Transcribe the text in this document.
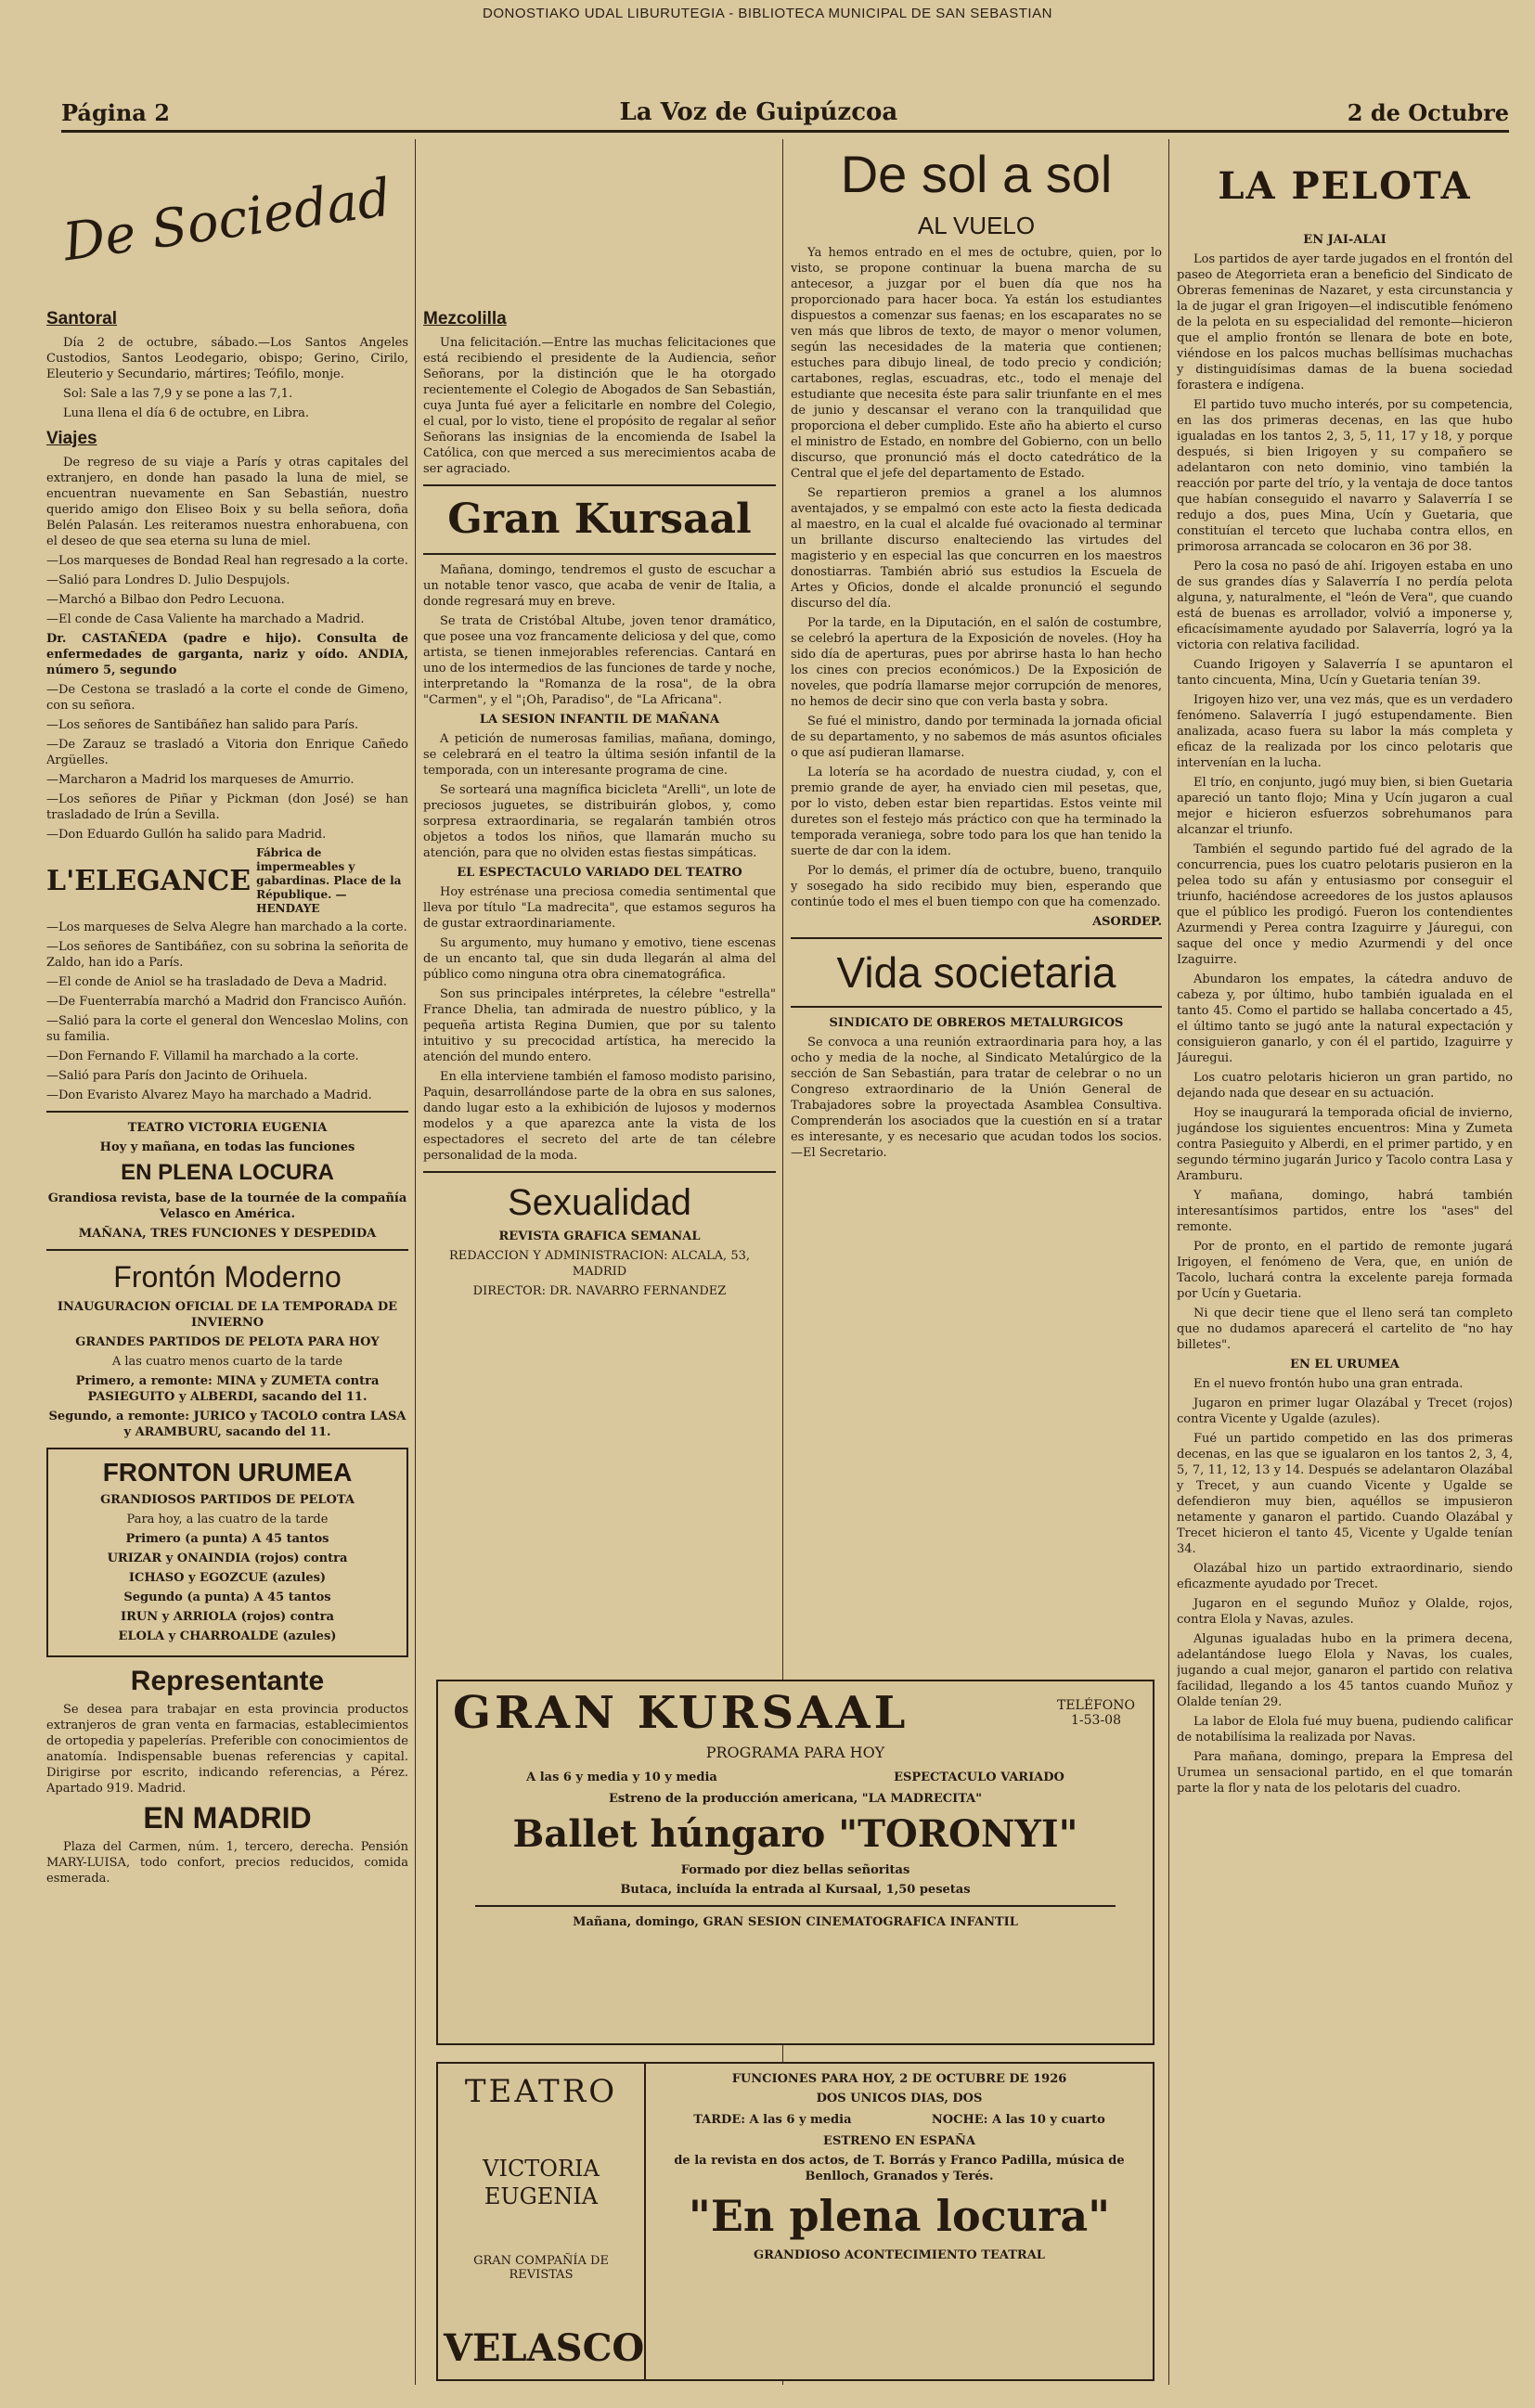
DONOSTIAKO UDAL LIBURUTEGIA - BIBLIOTECA MUNICIPAL DE SAN SEBASTIAN
Página 2	La Voz de Guipúzcoa	2 de Octubre
De Sociedad
Santoral

Día 2 de octubre, sábado.—Los Santos Angeles Custodios, Santos Leodegario, obispo; Gerino, Cirilo, Eleuterio y Secundario, mártires; Teófilo, monje.

Sol: Sale a las 7,9 y se pone a las 7,1.

Luna llena el día 6 de octubre, en Libra.

Viajes

De regreso de su viaje a París y otras capitales del extranjero, en donde han pasado la luna de miel, se encuentran nuevamente en San Sebastián, nuestro querido amigo don Eliseo Boix y su bella señora, doña Belén Palasán. Les reiteramos nuestra enhorabuena, con el deseo de que sea eterna su luna de miel.

—Los marqueses de Bondad Real han regresado a la corte.

—Salió para Londres D. Julio Despujols.

—Marchó a Bilbao don Pedro Lecuona.

—El conde de Casa Valiente ha marchado a Madrid.

Dr. CASTAÑEDA (padre e hijo). Consulta de enfermedades de garganta, nariz y oído. ANDIA, número 5, segundo

—De Cestona se trasladó a la corte el conde de Gimeno, con su señora.

—Los señores de Santibáñez han salido para París.

—De Zarauz se trasladó a Vitoria don Enrique Cañedo Argüelles.

—Marcharon a Madrid los marqueses de Amurrio.

—Los señores de Piñar y Pickman (don José) se han trasladado de Irún a Sevilla.

—Don Eduardo Gullón ha salido para Madrid.

L'ELEGANCE
Fábrica de impermeables y gabardinas. Place de la République. — HENDAYE

—Los marqueses de Selva Alegre han marchado a la corte.

—Los señores de Santibáñez, con su sobrina la señorita de Zaldo, han ido a París.

—El conde de Aniol se ha trasladado de Deva a Madrid.

—De Fuenterrabía marchó a Madrid don Francisco Auñón.

—Salió para la corte el general don Wenceslao Molins, con su familia.

—Don Fernando F. Villamil ha marchado a la corte.

—Salió para París don Jacinto de Orihuela.

—Don Evaristo Alvarez Mayo ha marchado a Madrid.

TEATRO VICTORIA EUGENIA

Hoy y mañana, en todas las funciones

EN PLENA LOCURA

Grandiosa revista, base de la tournée de la compañía Velasco en América.

MAÑANA, TRES FUNCIONES Y DESPEDIDA

Frontón Moderno

INAUGURACION OFICIAL DE LA TEMPORADA DE INVIERNO

GRANDES PARTIDOS DE PELOTA PARA HOY

A las cuatro menos cuarto de la tarde

Primero, a remonte: MINA y ZUMETA contra PASIEGUITO y ALBERDI, sacando del 11.

Segundo, a remonte: JURICO y TACOLO contra LASA y ARAMBURU, sacando del 11.

FRONTON URUMEA

GRANDIOSOS PARTIDOS DE PELOTA

Para hoy, a las cuatro de la tarde

Primero (a punta) A 45 tantos

URIZAR y ONAINDIA (rojos) contra

ICHASO y EGOZCUE (azules)

Segundo (a punta) A 45 tantos

IRUN y ARRIOLA (rojos) contra

ELOLA y CHARROALDE (azules)

Representante

Se desea para trabajar en esta provincia productos extranjeros de gran venta en farmacias, establecimientos de ortopedia y papelerías. Preferible con conocimientos de anatomía. Indispensable buenas referencias y capital. Dirigirse por escrito, indicando referencias, a Pérez. Apartado 919. Madrid.

EN MADRID

Plaza del Carmen, núm. 1, tercero, derecha. Pensión MARY-LUISA, todo confort, precios reducidos, comida esmerada.

Mezcolilla

Una felicitación.—Entre las muchas felicitaciones que está recibiendo el presidente de la Audiencia, señor Señorans, por la distinción que le ha otorgado recientemente el Colegio de Abogados de San Sebastián, cuya Junta fué ayer a felicitarle en nombre del Colegio, el cual, por lo visto, tiene el propósito de regalar al señor Señorans las insignias de la encomienda de Isabel la Católica, con que merced a sus merecimientos acaba de ser agraciado.

Gran Kursaal

Mañana, domingo, tendremos el gusto de escuchar a un notable tenor vasco, que acaba de venir de Italia, a donde regresará muy en breve.

Se trata de Cristóbal Altube, joven tenor dramático, que posee una voz francamente deliciosa y del que, como artista, se tienen inmejorables referencias. Cantará en uno de los intermedios de las funciones de tarde y noche, interpretando la "Romanza de la rosa", de la obra "Carmen", y el "¡Oh, Paradiso", de "La Africana".

LA SESION INFANTIL DE MAÑANA

A petición de numerosas familias, mañana, domingo, se celebrará en el teatro la última sesión infantil de la temporada, con un interesante programa de cine.

Se sorteará una magnífica bicicleta "Arelli", un lote de preciosos juguetes, se distribuirán globos, y, como sorpresa extraordinaria, se regalarán también otros objetos a todos los niños, que llamarán mucho su atención, para que no olviden estas fiestas simpáticas.

EL ESPECTACULO VARIADO DEL TEATRO

Hoy estrénase una preciosa comedia sentimental que lleva por título "La madrecita", que estamos seguros ha de gustar extraordinariamente.

Su argumento, muy humano y emotivo, tiene escenas de un encanto tal, que sin duda llegarán al alma del público como ninguna otra obra cinematográfica.

Son sus principales intérpretes, la célebre "estrella" France Dhelia, tan admirada de nuestro público, y la pequeña artista Regina Dumien, que por su talento intuitivo y su precocidad artística, ha merecido la atención del mundo entero.

En ella interviene también el famoso modisto parisino, Paquin, desarrollándose parte de la obra en sus salones, dando lugar esto a la exhibición de lujosos y modernos modelos y a que aparezca ante la vista de los espectadores el secreto del arte de tan célebre personalidad de la moda.

Sexualidad

REVISTA GRAFICA SEMANAL

REDACCION Y ADMINISTRACION: ALCALA, 53, MADRID

DIRECTOR: DR. NAVARRO FERNANDEZ

De sol a sol

AL VUELO

Ya hemos entrado en el mes de octubre, quien, por lo visto, se propone continuar la buena marcha de su antecesor, a juzgar por el buen día que nos ha proporcionado para hacer boca. Ya están los estudiantes dispuestos a comenzar sus faenas; en los escaparates no se ven más que libros de texto, de mayor o menor volumen, según las necesidades de la materia que contienen; estuches para dibujo lineal, de todo precio y condición; cartabones, reglas, escuadras, etc., todo el menaje del estudiante que necesita éste para salir triunfante en el mes de junio y descansar el verano con la tranquilidad que proporciona el deber cumplido. Este año ha abierto el curso el ministro de Estado, en nombre del Gobierno, con un bello discurso, que pronunció más el docto catedrático de la Central que el jefe del departamento de Estado.

Se repartieron premios a granel a los alumnos aventajados, y se empalmó con este acto la fiesta dedicada al maestro, en la cual el alcalde fué ovacionado al terminar un brillante discurso enalteciendo las virtudes del magisterio y en especial las que concurren en los maestros donostiarras. También abrió sus estudios la Escuela de Artes y Oficios, donde el alcalde pronunció el segundo discurso del día.

Por la tarde, en la Diputación, en el salón de costumbre, se celebró la apertura de la Exposición de noveles. (Hoy ha sido día de aperturas, pues por abrirse hasta lo han hecho los cines con precios económicos.) De la Exposición de noveles, que podría llamarse mejor corrupción de menores, no hemos de decir sino que con verla basta y sobra.

Se fué el ministro, dando por terminada la jornada oficial de su departamento, y no sabemos de más asuntos oficiales o que así pudieran llamarse.

La lotería se ha acordado de nuestra ciudad, y, con el premio grande de ayer, ha enviado cien mil pesetas, que, por lo visto, deben estar bien repartidas. Estos veinte mil duretes son el festejo más práctico con que ha terminado la temporada veraniega, sobre todo para los que han tenido la suerte de dar con la idem.

Por lo demás, el primer día de octubre, bueno, tranquilo y sosegado ha sido recibido muy bien, esperando que continúe todo el mes el buen tiempo con que ha comenzado.

ASORDEP.

Vida societaria

SINDICATO DE OBREROS METALURGICOS

Se convoca a una reunión extraordinaria para hoy, a las ocho y media de la noche, al Sindicato Metalúrgico de la sección de San Sebastián, para tratar de celebrar o no un Congreso extraordinario de la Unión General de Trabajadores sobre la proyectada Asamblea Consultiva. Comprenderán los asociados que la cuestión en sí a tratar es interesante, y es necesario que acudan todos los socios.—El Secretario.

LA PELOTA

EN JAI-ALAI

Los partidos de ayer tarde jugados en el frontón del paseo de Ategorrieta eran a beneficio del Sindicato de Obreras femeninas de Nazaret, y esta circunstancia y la de jugar el gran Irigoyen—el indiscutible fenómeno de la pelota en su especialidad del remonte—hicieron que el amplio frontón se llenara de bote en bote, viéndose en los palcos muchas bellísimas muchachas y distinguidísimas damas de la buena sociedad forastera e indígena.

El partido tuvo mucho interés, por su competencia, en las dos primeras decenas, en las que hubo igualadas en los tantos 2, 3, 5, 11, 17 y 18, y porque después, si bien Irigoyen y su compañero se adelantaron con neto dominio, vino también la reacción por parte del trío, y la ventaja de doce tantos que habían conseguido el navarro y Salaverría I se redujo a dos, pues Mina, Ucín y Guetaria, que constituían el terceto que luchaba contra ellos, en primorosa arrancada se colocaron en 36 por 38.

Pero la cosa no pasó de ahí. Irigoyen estaba en uno de sus grandes días y Salaverría I no perdía pelota alguna, y, naturalmente, el "león de Vera", que cuando está de buenas es arrollador, volvió a imponerse y, eficacísimamente ayudado por Salaverría, logró ya la victoria con relativa facilidad.

Cuando Irigoyen y Salaverría I se apuntaron el tanto cincuenta, Mina, Ucín y Guetaria tenían 39.

Irigoyen hizo ver, una vez más, que es un verdadero fenómeno. Salaverría I jugó estupendamente. Bien analizada, acaso fuera su labor la más completa y eficaz de la realizada por los cinco pelotaris que intervenían en la lucha.

El trío, en conjunto, jugó muy bien, si bien Guetaria apareció un tanto flojo; Mina y Ucín jugaron a cual mejor e hicieron esfuerzos sobrehumanos para alcanzar el triunfo.

También el segundo partido fué del agrado de la concurrencia, pues los cuatro pelotaris pusieron en la pelea todo su afán y entusiasmo por conseguir el triunfo, haciéndose acreedores de los justos aplausos que el público les prodigó. Fueron los contendientes Azurmendi y Perea contra Izaguirre y Jáuregui, con saque del once y medio Azurmendi y del once Izaguirre.

Abundaron los empates, la cátedra anduvo de cabeza y, por último, hubo también igualada en el tanto 45. Como el partido se hallaba concertado a 45, el último tanto se jugó ante la natural expectación y consiguieron ganarlo, y con él el partido, Izaguirre y Jáuregui.

Los cuatro pelotaris hicieron un gran partido, no dejando nada que desear en su actuación.

Hoy se inaugurará la temporada oficial de invierno, jugándose los siguientes encuentros: Mina y Zumeta contra Pasieguito y Alberdi, en el primer partido, y en segundo término jugarán Jurico y Tacolo contra Lasa y Aramburu.

Y mañana, domingo, habrá también interesantísimos partidos, entre los "ases" del remonte.

Por de pronto, en el partido de remonte jugará Irigoyen, el fenómeno de Vera, que, en unión de Tacolo, luchará contra la excelente pareja formada por Ucín y Guetaria.

Ni que decir tiene que el lleno será tan completo que no dudamos aparecerá el cartelito de "no hay billetes".

EN EL URUMEA

En el nuevo frontón hubo una gran entrada.

Jugaron en primer lugar Olazábal y Trecet (rojos) contra Vicente y Ugalde (azules).

Fué un partido competido en las dos primeras decenas, en las que se igualaron en los tantos 2, 3, 4, 5, 7, 11, 12, 13 y 14. Después se adelantaron Olazábal y Trecet, y aun cuando Vicente y Ugalde se defendieron muy bien, aquéllos se impusieron netamente y ganaron el partido. Cuando Olazábal y Trecet hicieron el tanto 45, Vicente y Ugalde tenían 34.

Olazábal hizo un partido extraordinario, siendo eficazmente ayudado por Trecet.

Jugaron en el segundo Muñoz y Olalde, rojos, contra Elola y Navas, azules.

Algunas igualadas hubo en la primera decena, adelantándose luego Elola y Navas, los cuales, jugando a cual mejor, ganaron el partido con relativa facilidad, llegando a los 45 tantos cuando Muñoz y Olalde tenían 29.

La labor de Elola fué muy buena, pudiendo calificar de notabilísima la realizada por Navas.

Para mañana, domingo, prepara la Empresa del Urumea un sensacional partido, en el que tomarán parte la flor y nata de los pelotaris del cuadro.

GRAN KURSAAL	TELÉFONO 1-53-08

PROGRAMA PARA HOY

A las 6 y media y 10 y media	ESPECTACULO VARIADO

Estreno de la producción americana, "LA MADRECITA"

Ballet húngaro "TORONYI"

Formado por diez bellas señoritas

Butaca, incluída la entrada al Kursaal, 1,50 pesetas

Mañana, domingo, GRAN SESION CINEMATOGRAFICA INFANTIL

TEATRO
VICTORIA EUGENIA
GRAN COMPAÑÍA DE REVISTAS
VELASCO

FUNCIONES PARA HOY, 2 DE OCTUBRE DE 1926

DOS UNICOS DIAS, DOS

TARDE: A las 6 y media	NOCHE: A las 10 y cuarto

ESTRENO EN ESPAÑA

de la revista en dos actos, de T. Borrás y Franco Padilla, música de Benlloch, Granados y Terés.

"En plena locura"

GRANDIOSO ACONTECIMIENTO TEATRAL
